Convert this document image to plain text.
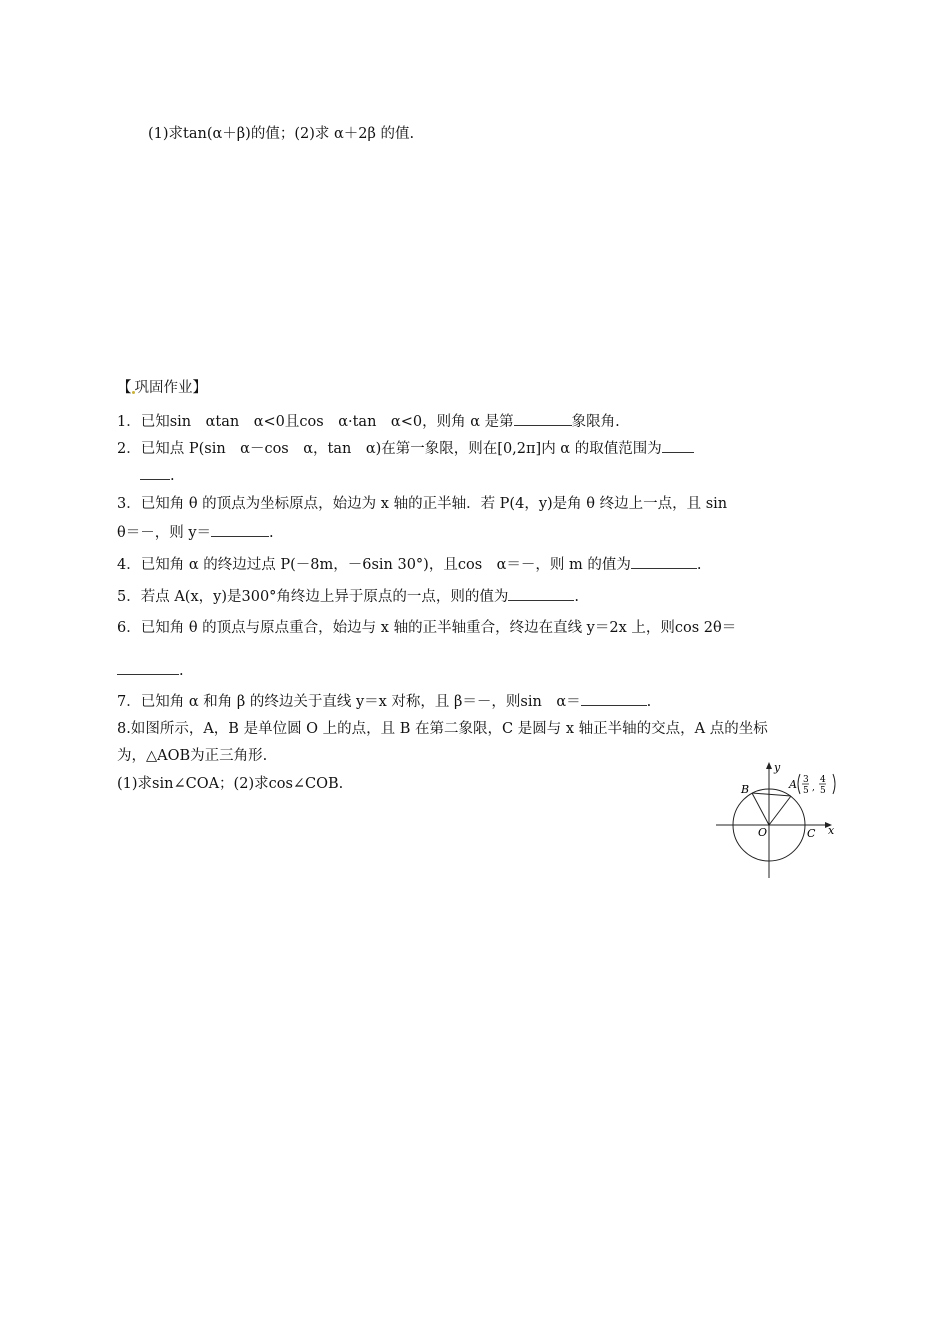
(1)求tan(α＋β)的值；(2)求 α＋2β 的值.
【 巩固作业】
1．已知sin　αtan　α<0且cos　α·tan　α<0，则角 α 是第	象限角.
2．已知点 P(sin　α－cos　α，tan　α)在第一象限，则在[0,2π]内 α 的取值范围为
.
3．已知角 θ 的顶点为坐标原点，始边为 x 轴的正半轴．若 P(4，y)是角 θ 终边上一点，且 sin
θ＝－，则 y＝	.
4．已知角 α 的终边过点 P(－8m，－6sin 30°)，且cos　α＝－，则 m 的值为	.
5．若点 A(x，y)是300°角终边上异于原点的一点，则的值为	.
6．已知角 θ 的顶点与原点重合，始边与 x 轴的正半轴重合，终边在直线 y＝2x 上，则cos 2θ＝
.
7．已知角 α 和角 β 的终边关于直线 y＝x 对称，且 β＝－，则sin　α＝	.
8.如图所示，A，B 是单位圆 O 上的点，且 B 在第二象限，C 是圆与 x 轴正半轴的交点，A 点的坐标
为，△AOB为正三角形.
(1)求sin∠COA；(2)求cos∠COB.
y
x
O	C
B	A 3
5 ,
4
5
